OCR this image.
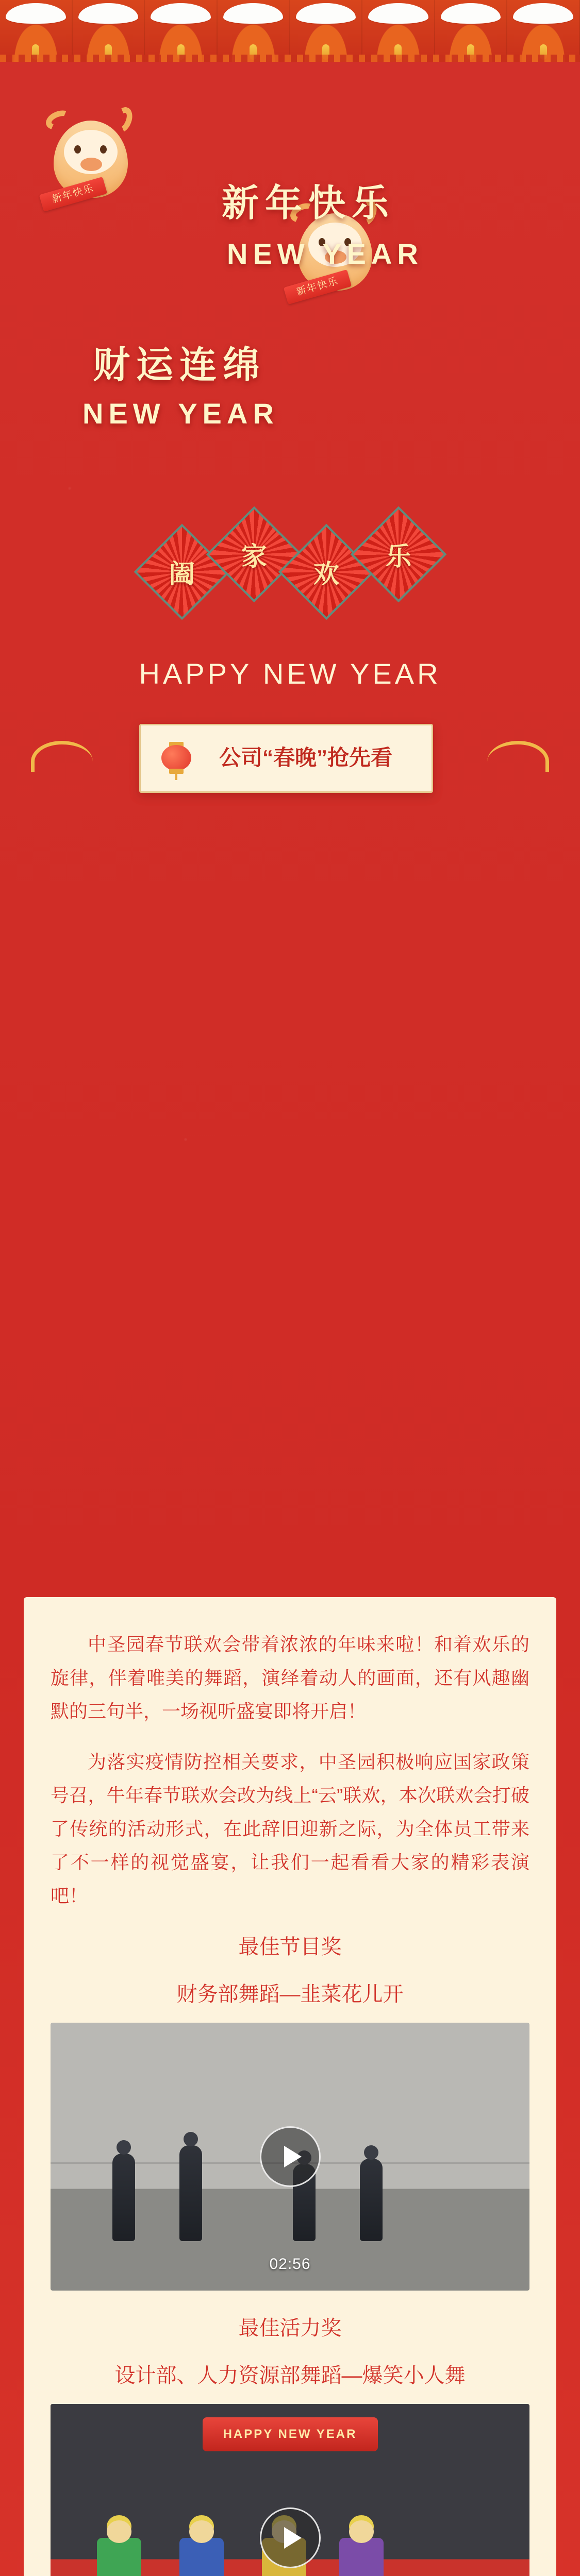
新年快乐
新年快乐
新年快乐
NEW YEAR
财运连绵
NEW YEAR
阖
家
欢
乐
HAPPY NEW YEAR
公司“春晚”抢先看

中圣园春节联欢会带着浓浓的年味来啦！和着欢乐的旋律，伴着唯美的舞蹈，演绎着动人的画面，还有风趣幽默的三句半，一场视听盛宴即将开启！

为落实疫情防控相关要求，中圣园积极响应国家政策号召，牛年春节联欢会改为线上“云”联欢，本次联欢会打破了传统的活动形式，在此辞旧迎新之际，为全体员工带来了不一样的视觉盛宴，让我们一起看看大家的精彩表演吧！

最佳节目奖
财务部舞蹈—韭菜花儿开
02:56
最佳活力奖
设计部、人力资源部舞蹈—爆笑小人舞
HAPPY NEW YEAR
